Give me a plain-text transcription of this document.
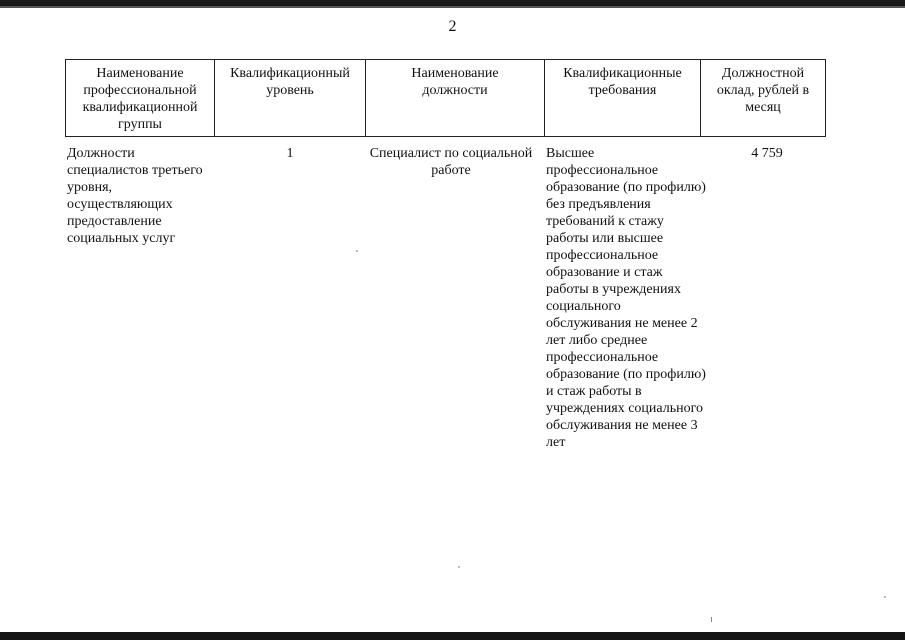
2
Наименование профессиональной квалификационной группы
Квалификационный уровень
Наименование должности
Квалификационные требования
Должностной оклад, рублей в месяц
Должности специалистов третьего уровня, осуществляющих предоставление социальных услуг
1	Специалист по социальной работе
Высшее профессиональное образование (по профилю) без предъявления требований к стажу работы или высшее профессиональное образование и стаж работы в учреждениях социального обслуживания не менее 2 лет либо среднее профессиональное образование (по профилю) и стаж работы в учреждениях социального обслуживания не менее 3 лет
4 759
